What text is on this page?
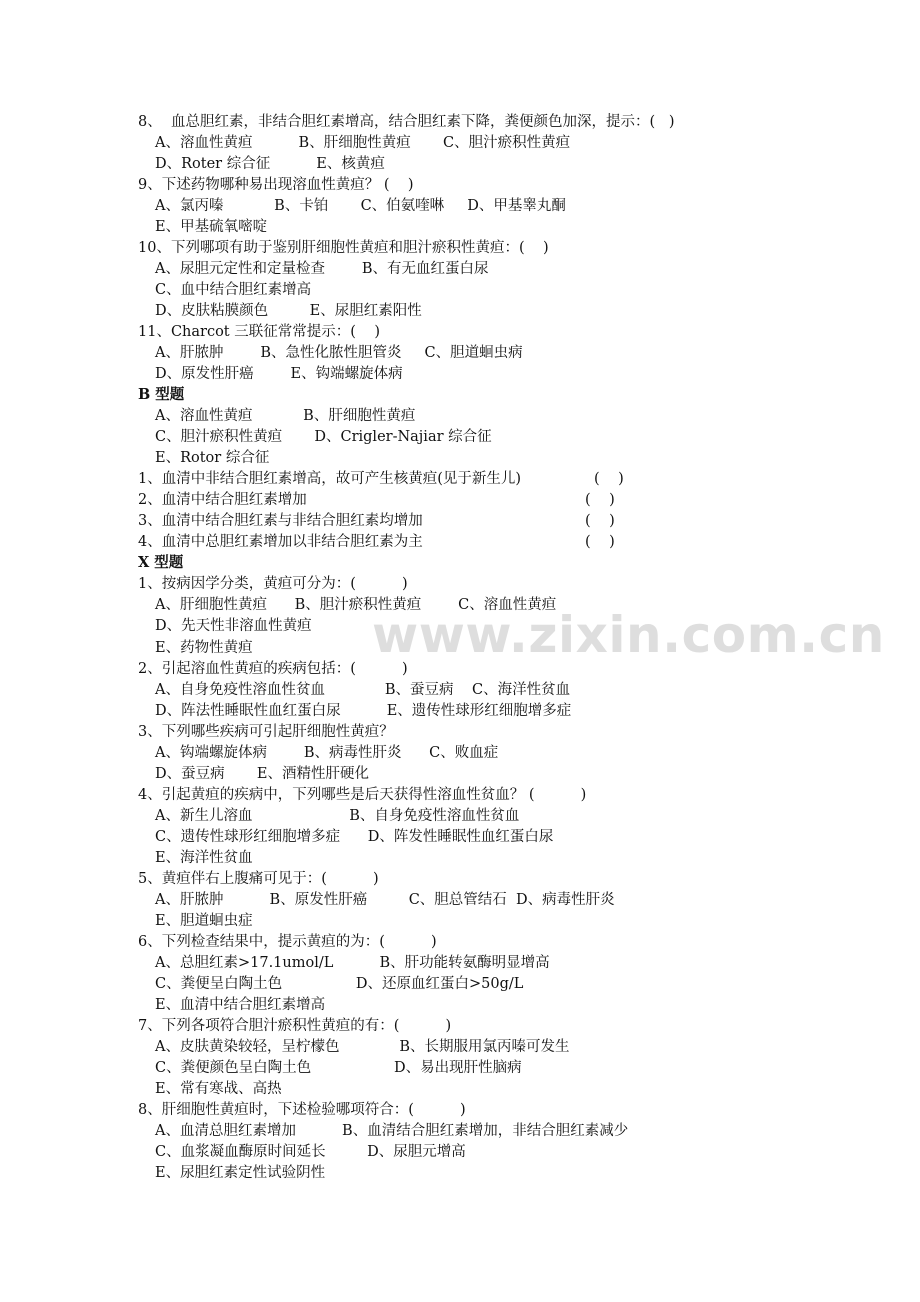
www.zixin.com.cn
8、  血总胆红素，非结合胆红素增高，结合胆红素下降，粪便颜色加深，提示：(   )
A、溶血性黄疸          B、肝细胞性黄疸       C、胆汁瘀积性黄疸
D、Roter 综合征          E、核黄疸
9、下述药物哪种易出现溶血性黄疸？ (    )
A、氯丙嗪           B、卡铂       C、伯氨喹啉     D、甲基睾丸酮
E、甲基硫氧嘧啶
10、下列哪项有助于鉴别肝细胞性黄疸和胆汁瘀积性黄疸：(    )
A、尿胆元定性和定量检查        B、有无血红蛋白尿
C、血中结合胆红素增高
D、皮肤粘膜颜色         E、尿胆红素阳性
11、Charcot 三联征常常提示：(    )
A、肝脓肿        B、急性化脓性胆管炎     C、胆道蛔虫病
D、原发性肝癌        E、钩端螺旋体病
B 型题
A、溶血性黄疸           B、肝细胞性黄疸
C、胆汁瘀积性黄疸       D、Crigler-Najiar 综合征
E、Rotor 综合征
1、血清中非结合胆红素增高，故可产生核黄疸(见于新生儿)	(    )
2、血清中结合胆红素增加	(    )
3、血清中结合胆红素与非结合胆红素均增加	(    )
4、血清中总胆红素增加以非结合胆红素为主	(    )
X 型题
1、按病因学分类，黄疸可分为：(          )
A、肝细胞性黄疸      B、胆汁瘀积性黄疸        C、溶血性黄疸
D、先天性非溶血性黄疸
E、药物性黄疸
2、引起溶血性黄疸的疾病包括：(          )
A、自身免疫性溶血性贫血             B、蚕豆病    C、海洋性贫血
D、阵法性睡眠性血红蛋白尿          E、遗传性球形红细胞增多症
3、下列哪些疾病可引起肝细胞性黄疸？
A、钩端螺旋体病        B、病毒性肝炎      C、败血症
D、蚕豆病       E、酒精性肝硬化
4、引起黄疸的疾病中，下列哪些是后天获得性溶血性贫血？ (          )
A、新生儿溶血                     B、自身免疫性溶血性贫血
C、遗传性球形红细胞增多症      D、阵发性睡眠性血红蛋白尿
E、海洋性贫血
5、黄疸伴右上腹痛可见于：(          )
A、肝脓肿          B、原发性肝癌         C、胆总管结石  D、病毒性肝炎
E、胆道蛔虫症
6、下列检查结果中，提示黄疸的为：(          )
A、总胆红素>17.1umol/L          B、肝功能转氨酶明显增高
C、粪便呈白陶土色                D、还原血红蛋白>50g/L
E、血清中结合胆红素增高
7、下列各项符合胆汁瘀积性黄疸的有：(          )
A、皮肤黄染较轻，呈柠檬色             B、长期服用氯丙嗪可发生
C、粪便颜色呈白陶土色                  D、易出现肝性脑病
E、常有寒战、高热
8、肝细胞性黄疸时，下述检验哪项符合：(          )
A、血清总胆红素增加          B、血清结合胆红素增加，非结合胆红素减少
C、血浆凝血酶原时间延长         D、尿胆元增高
E、尿胆红素定性试验阴性
